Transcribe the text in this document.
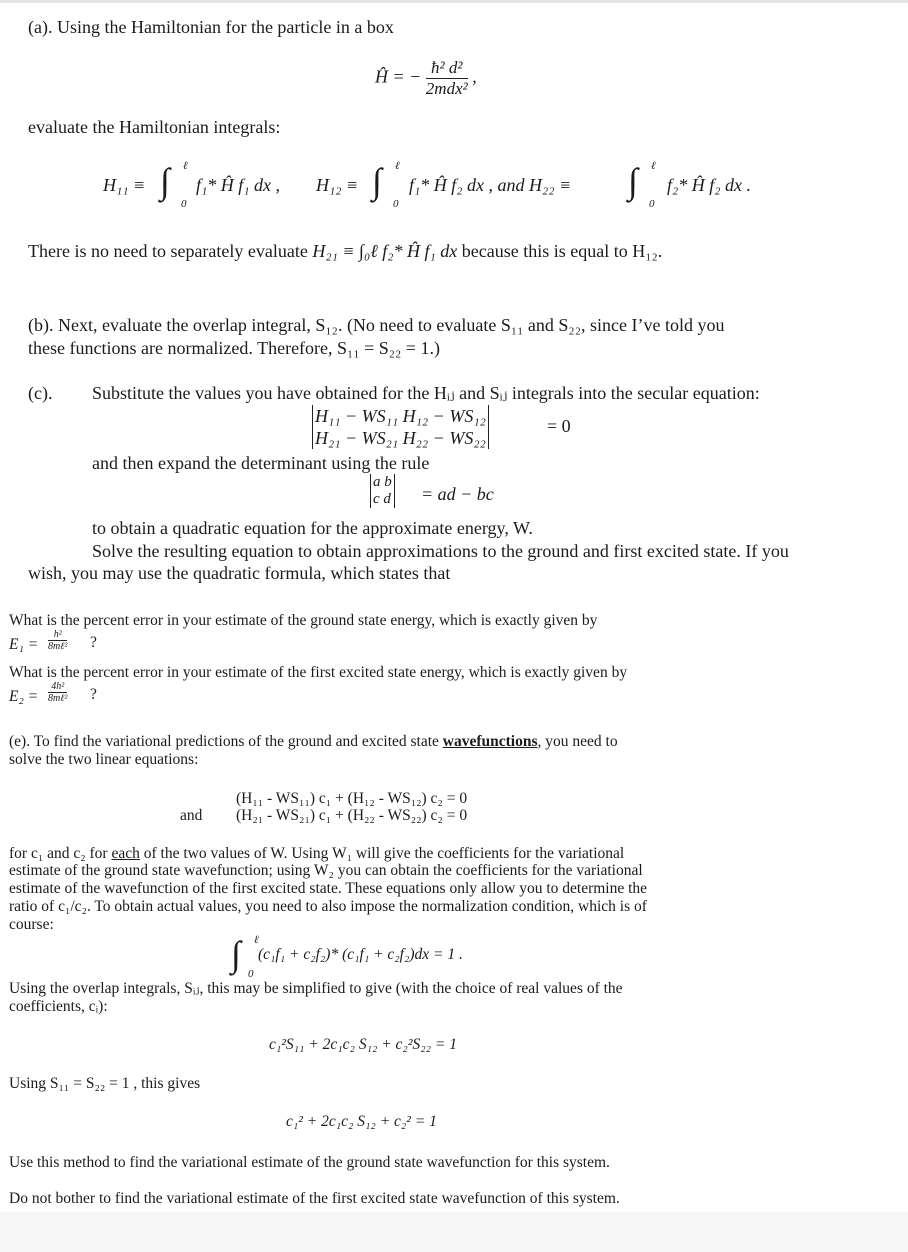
(a). Using the Hamiltonian for the particle in a box
Ĥ = − $\frac{\text{ħ² d²}}{\text{2mdx²}}$ ,
evaluate the Hamiltonian integrals:
H₁₁ ≡ ∫ ℓ
0
f₁* Ĥ f₁ dx , H₁₂ ≡ ∫ ℓ
0
f₁* Ĥ f₂ dx , and H₂₂ ≡ ∫ ℓ
0
f₂* Ĥ f₂ dx .
There is no need to separately evaluate H₂₁ ≡ ∫₀ℓ f₂* Ĥ f₁ dx because this is equal to H₁₂.
(b). Next, evaluate the overlap integral, S₁₂. (No need to evaluate S₁₁ and S₂₂, since I’ve told you
these functions are normalized. Therefore, S₁₁ = S₂₂ = 1.)
(c). Substitute the values you have obtained for the Hᵢⱼ and Sᵢⱼ integrals into the secular equation:
H₁₁ − WS₁₁ H₁₂ − WS₁₂
H₂₁ − WS₂₁ H₂₂ − WS₂₂
= 0
and then expand the determinant using the rule
a b
c d = ad − bc
to obtain a quadratic equation for the approximate energy, W.
Solve the resulting equation to obtain approximations to the ground and first excited state. If you
wish, you may use the quadratic formula, which states that
What is the percent error in your estimate of the ground state energy, which is exactly given by
E₁ =
h²
8mℓ² ?
What is the percent error in your estimate of the first excited state energy, which is exactly given by
E₂ =
4h²
8mℓ² ?
(e). To find the variational predictions of the ground and excited state wavefunctions, you need to
solve the two linear equations:
(H₁₁ - WS₁₁) c₁ + (H₁₂ - WS₁₂) c₂ = 0
and (H₂₁ - WS₂₁) c₁ + (H₂₂ - WS₂₂) c₂ = 0
for c₁ and c₂ for each of the two values of W. Using W₁ will give the coefficients for the variational
estimate of the ground state wavefunction; using W₂ you can obtain the coefficients for the variational
estimate of the wavefunction of the first excited state. These equations only allow you to determine the
ratio of c₁/c₂. To obtain actual values, you need to also impose the normalization condition, which is of
course:
∫ ℓ
0
(c₁f₁ + c₂f₂)* (c₁f₁ + c₂f₂)dx = 1 .
Using the overlap integrals, Sᵢⱼ, this may be simplified to give (with the choice of real values of the
coefficients, cᵢ):
c₁²S₁₁ + 2c₁c₂ S₁₂ + c₂²S₂₂ = 1
Using S₁₁ = S₂₂ = 1 , this gives
c₁² + 2c₁c₂ S₁₂ + c₂² = 1
Use this method to find the variational estimate of the ground state wavefunction for this system.
Do not bother to find the variational estimate of the first excited state wavefunction of this system.
